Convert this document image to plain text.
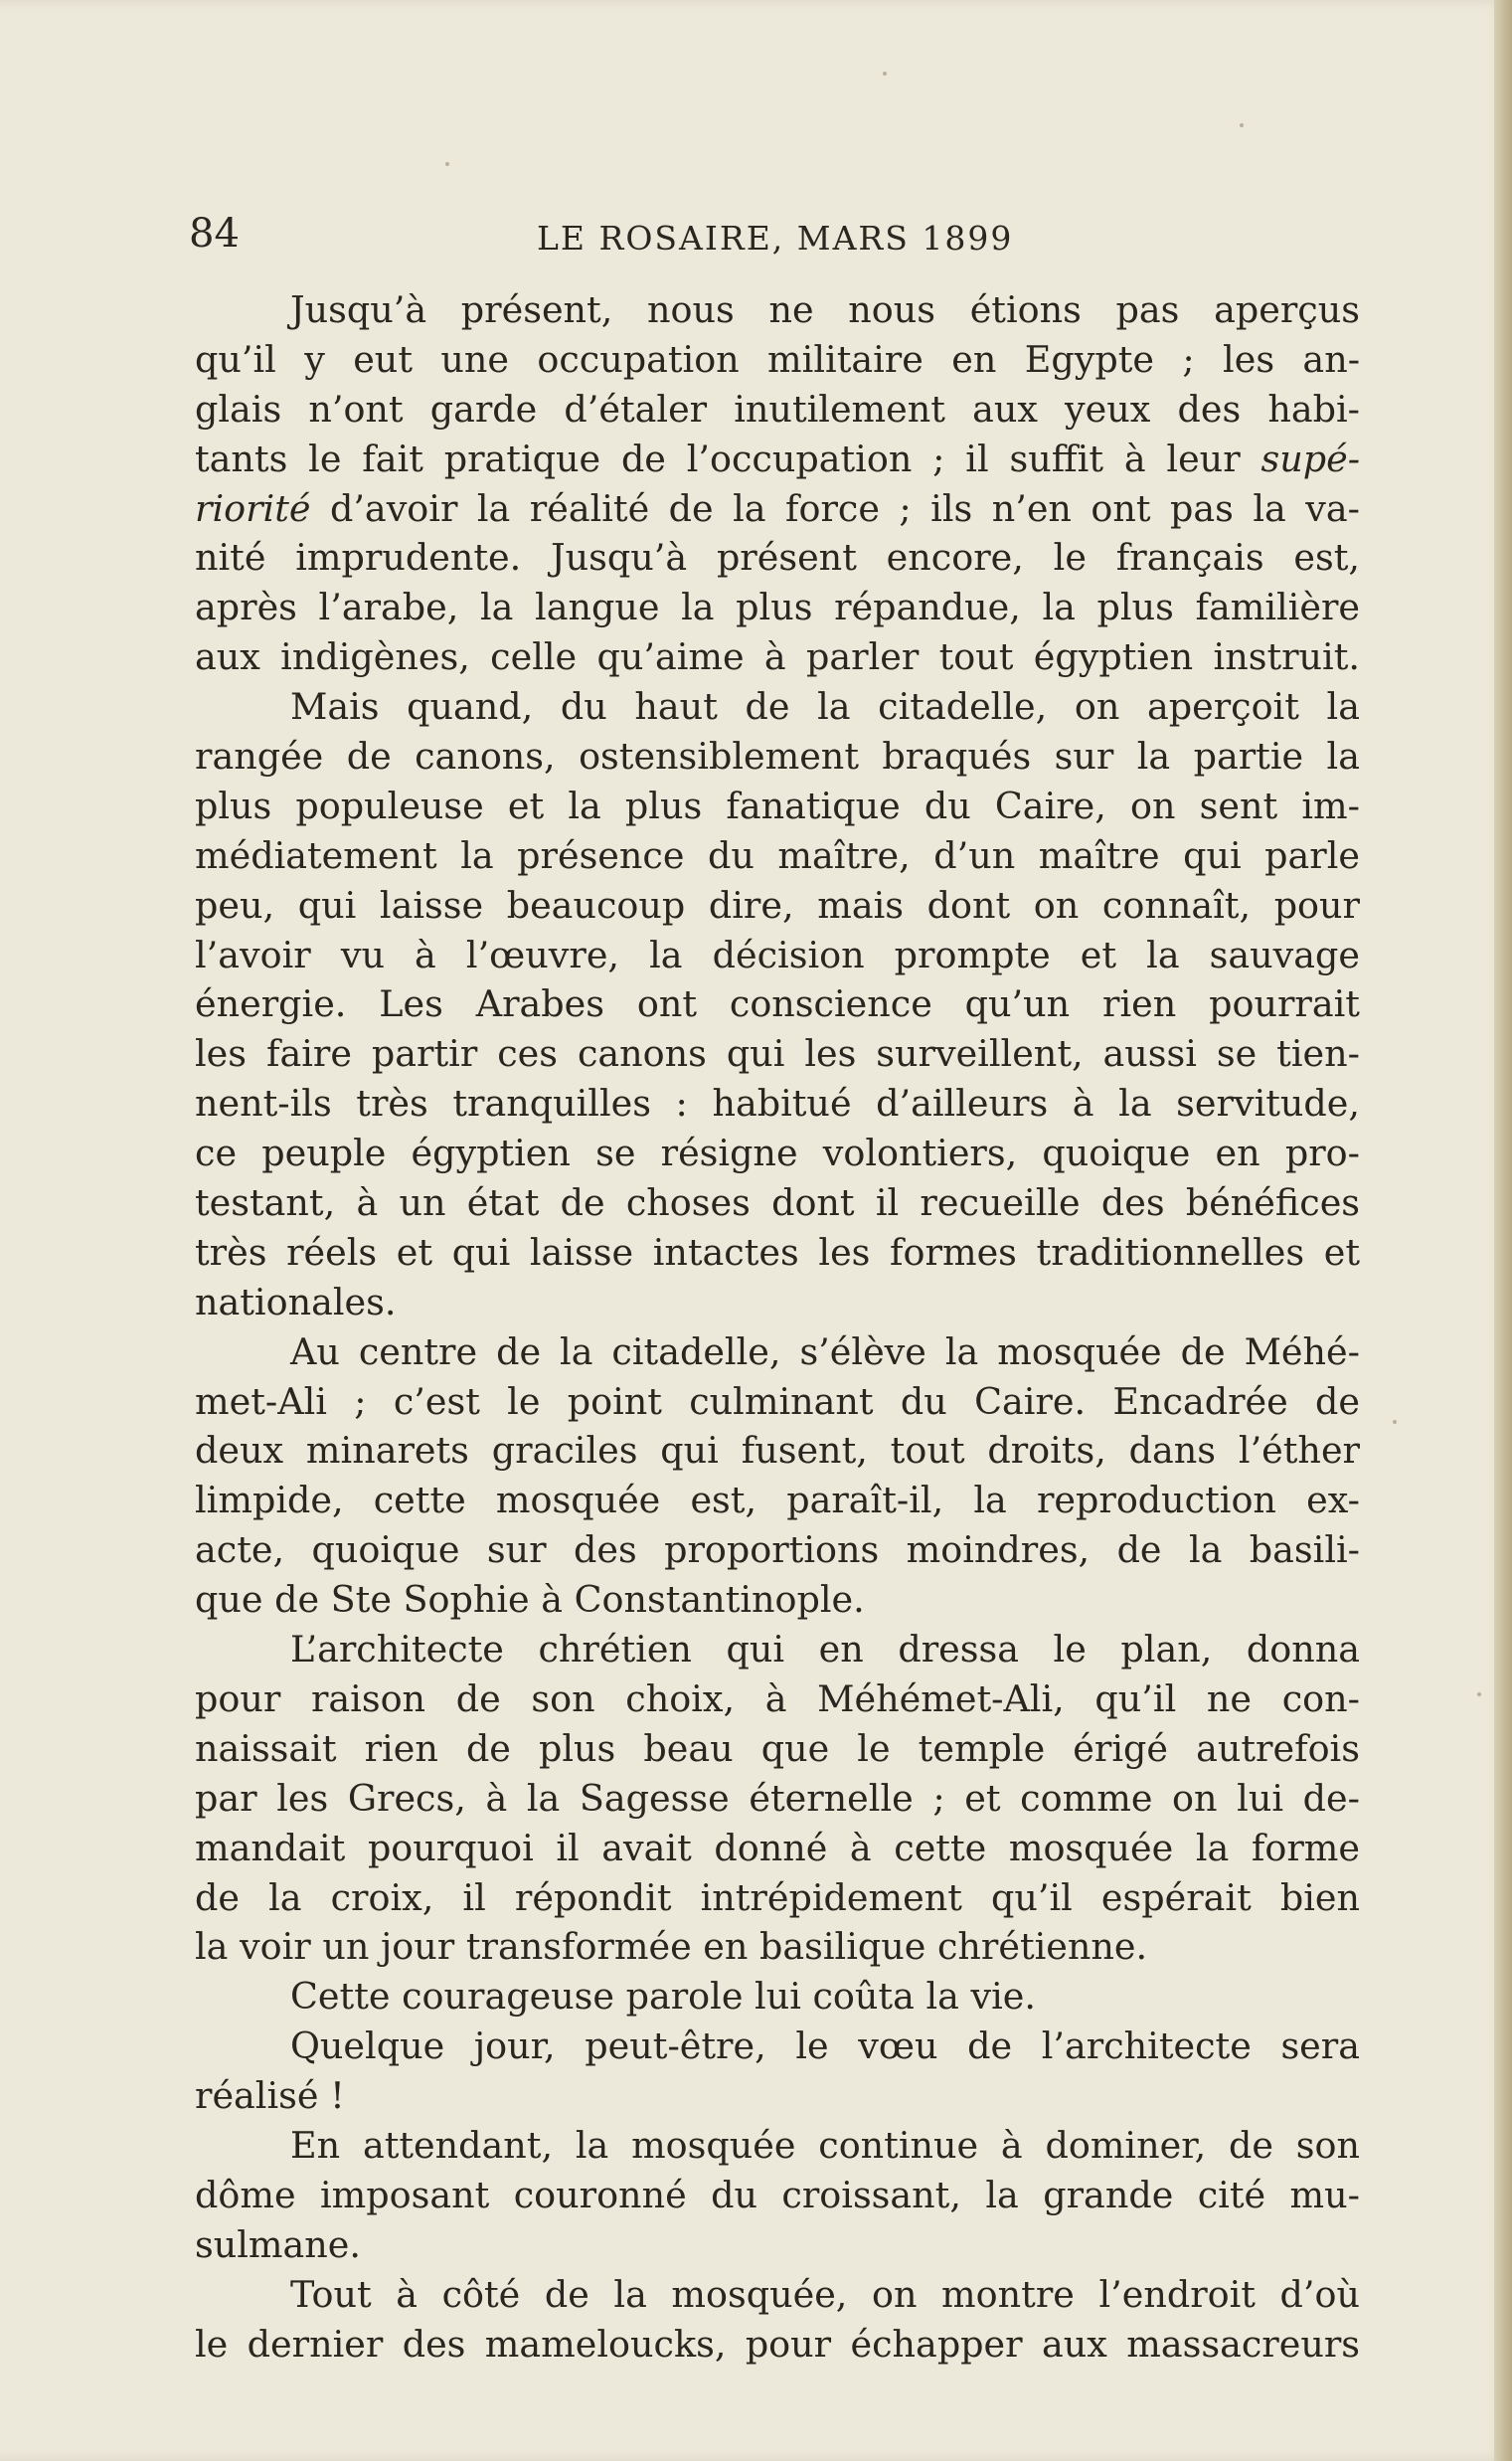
84	LE ROSAIRE, MARS 1899
Jusqu’à présent, nous ne nous étions pas aperçus
qu’il y eut une occupation militaire en Egypte ; les an-
glais n’ont garde d’étaler inutilement aux yeux des habi-
tants le fait pratique de l’occupation ; il suffit à leur supé-
riorité d’avoir la réalité de la force ; ils n’en ont pas la va-
nité imprudente. Jusqu’à présent encore, le français est,
après l’arabe, la langue la plus répandue, la plus familière
aux indigènes, celle qu’aime à parler tout égyptien instruit.
Mais quand, du haut de la citadelle, on aperçoit la
rangée de canons, ostensiblement braqués sur la partie la
plus populeuse et la plus fanatique du Caire, on sent im-
médiatement la présence du maître, d’un maître qui parle
peu, qui laisse beaucoup dire, mais dont on connaît, pour
l’avoir vu à l’œuvre, la décision prompte et la sauvage
énergie. Les Arabes ont conscience qu’un rien pourrait
les faire partir ces canons qui les surveillent, aussi se tien-
nent-ils très tranquilles : habitué d’ailleurs à la servitude,
ce peuple égyptien se résigne volontiers, quoique en pro-
testant, à un état de choses dont il recueille des bénéfices
très réels et qui laisse intactes les formes traditionnelles et
nationales.
Au centre de la citadelle, s’élève la mosquée de Méhé-
met-Ali ; c’est le point culminant du Caire. Encadrée de
deux minarets graciles qui fusent, tout droits, dans l’éther
limpide, cette mosquée est, paraît-il, la reproduction ex-
acte, quoique sur des proportions moindres, de la basili-
que de Ste Sophie à Constantinople.
L’architecte chrétien qui en dressa le plan, donna
pour raison de son choix, à Méhémet-Ali, qu’il ne con-
naissait rien de plus beau que le temple érigé autrefois
par les Grecs, à la Sagesse éternelle ; et comme on lui de-
mandait pourquoi il avait donné à cette mosquée la forme
de la croix, il répondit intrépidement qu’il espérait bien
la voir un jour transformée en basilique chrétienne.
Cette courageuse parole lui coûta la vie.
Quelque jour, peut-être, le vœu de l’architecte sera
réalisé !
En attendant, la mosquée continue à dominer, de son
dôme imposant couronné du croissant, la grande cité mu-
sulmane.
Tout à côté de la mosquée, on montre l’endroit d’où
le dernier des mameloucks, pour échapper aux massacreurs
